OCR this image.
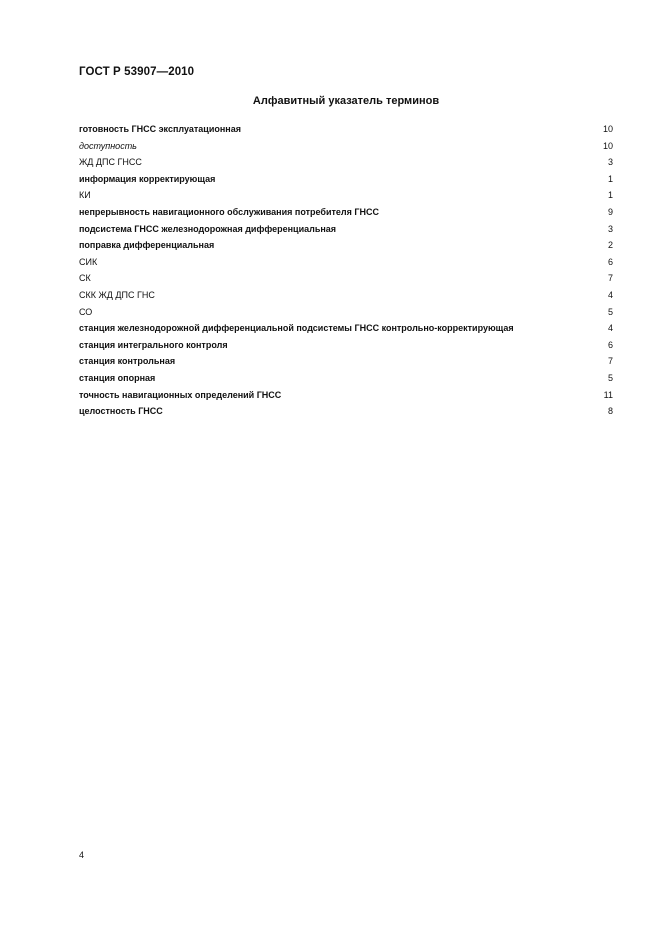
ГОСТ Р 53907—2010
Алфавитный указатель терминов
готовность ГНСС эксплуатационная	10
доступность	10
ЖД ДПС ГНСС	3
информация корректирующая	1
КИ	1
непрерывность навигационного обслуживания потребителя ГНСС	9
подсистема ГНСС железнодорожная дифференциальная	3
поправка дифференциальная	2
СИК	6
СК	7
СКК ЖД ДПС ГНС	4
СО	5
станция железнодорожной дифференциальной подсистемы ГНСС контрольно-корректирующая	4
станция интегрального контроля	6
станция контрольная	7
станция опорная	5
точность навигационных определений ГНСС	11
целостность ГНСС	8
4
